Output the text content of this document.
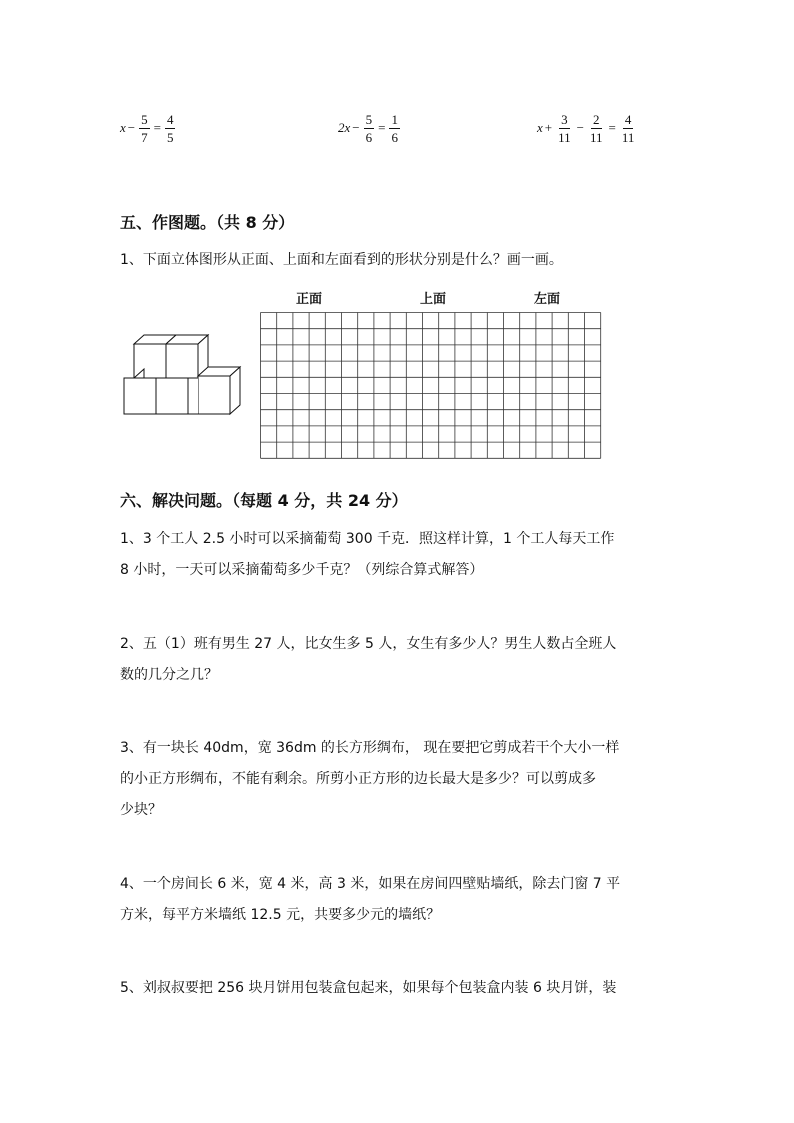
$x - \frac{5}{7} = \frac{4}{5}$	$2x - \frac{5}{6} = \frac{1}{6}$	$x + \frac{3}{11} - \frac{2}{11} = \frac{4}{11}$
五、作图题。（共 8 分）
1、下面立体图形从正面、上面和左面看到的形状分别是什么？画一画。
正面	上面	左面
六、解决问题。（每题 4 分，共 24 分）
1、3 个工人 2.5 小时可以采摘葡萄 300 千克．照这样计算，1 个工人每天工作
8 小时，一天可以采摘葡萄多少千克？（列综合算式解答）
2、五（1）班有男生 27 人，比女生多 5 人，女生有多少人？男生人数占全班人
数的几分之几？
3、有一块长 40dm，宽 36dm 的长方形绸布， 现在要把它剪成若干个大小一样
的小正方形绸布，不能有剩余。所剪小正方形的边长最大是多少？可以剪成多
少块？
4、一个房间长 6 米，宽 4 米，高 3 米，如果在房间四壁贴墙纸，除去门窗 7 平
方米，每平方米墙纸 12.5 元，共要多少元的墙纸？
5、刘叔叔要把 256 块月饼用包装盒包起来，如果每个包装盒内装 6 块月饼，装
